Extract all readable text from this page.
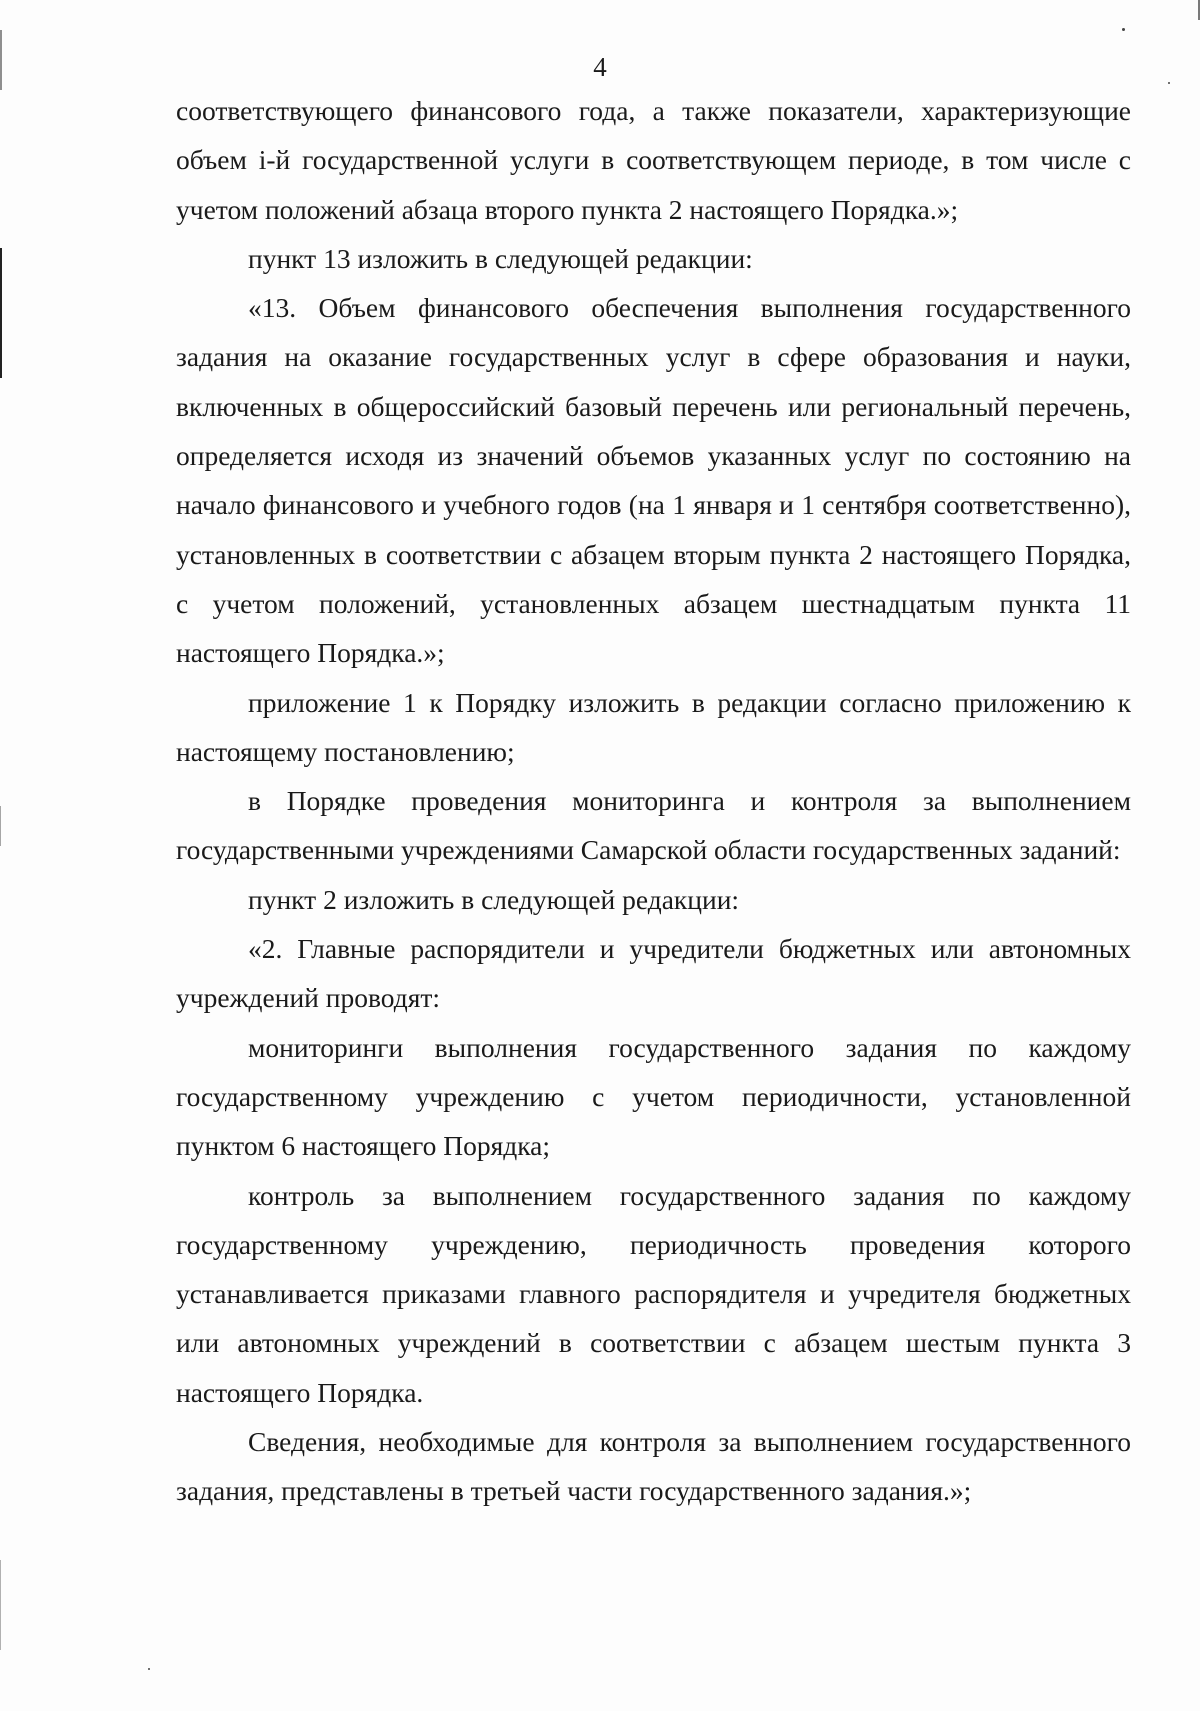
4

соответствующего финансового года, а также показатели, характеризующие объем i-й государственной услуги в соответствующем периоде, в том числе с учетом положений абзаца второго пункта 2 настоящего Порядка.»;

пункт 13 изложить в следующей редакции:

«13. Объем финансового обеспечения выполнения государственного задания на оказание государственных услуг в сфере образования и науки, включенных в общероссийский базовый перечень или региональный перечень, определяется исходя из значений объемов указанных услуг по состоянию на начало финансового и учебного годов (на 1 января и 1 сентября соответственно), установленных в соответствии с абзацем вторым пункта 2 настоящего Порядка, с учетом положений, установленных абзацем шестнадцатым пункта 11 настоящего Порядка.»;

приложение 1 к Порядку изложить в редакции согласно приложению к настоящему постановлению;

в Порядке проведения мониторинга и контроля за выполнением государственными учреждениями Самарской области государственных заданий:

пункт 2 изложить в следующей редакции:

«2. Главные распорядители и учредители бюджетных или автономных учреждений проводят:

мониторинги выполнения государственного задания по каждому государственному учреждению с учетом периодичности, установленной пунктом 6 настоящего Порядка;

контроль за выполнением государственного задания по каждому государственному учреждению, периодичность проведения которого устанавливается приказами главного распорядителя и учредителя бюджетных или автономных учреждений в соответствии с абзацем шестым пункта 3 настоящего Порядка.

Сведения, необходимые для контроля за выполнением государственного задания, представлены в третьей части государственного задания.»;
